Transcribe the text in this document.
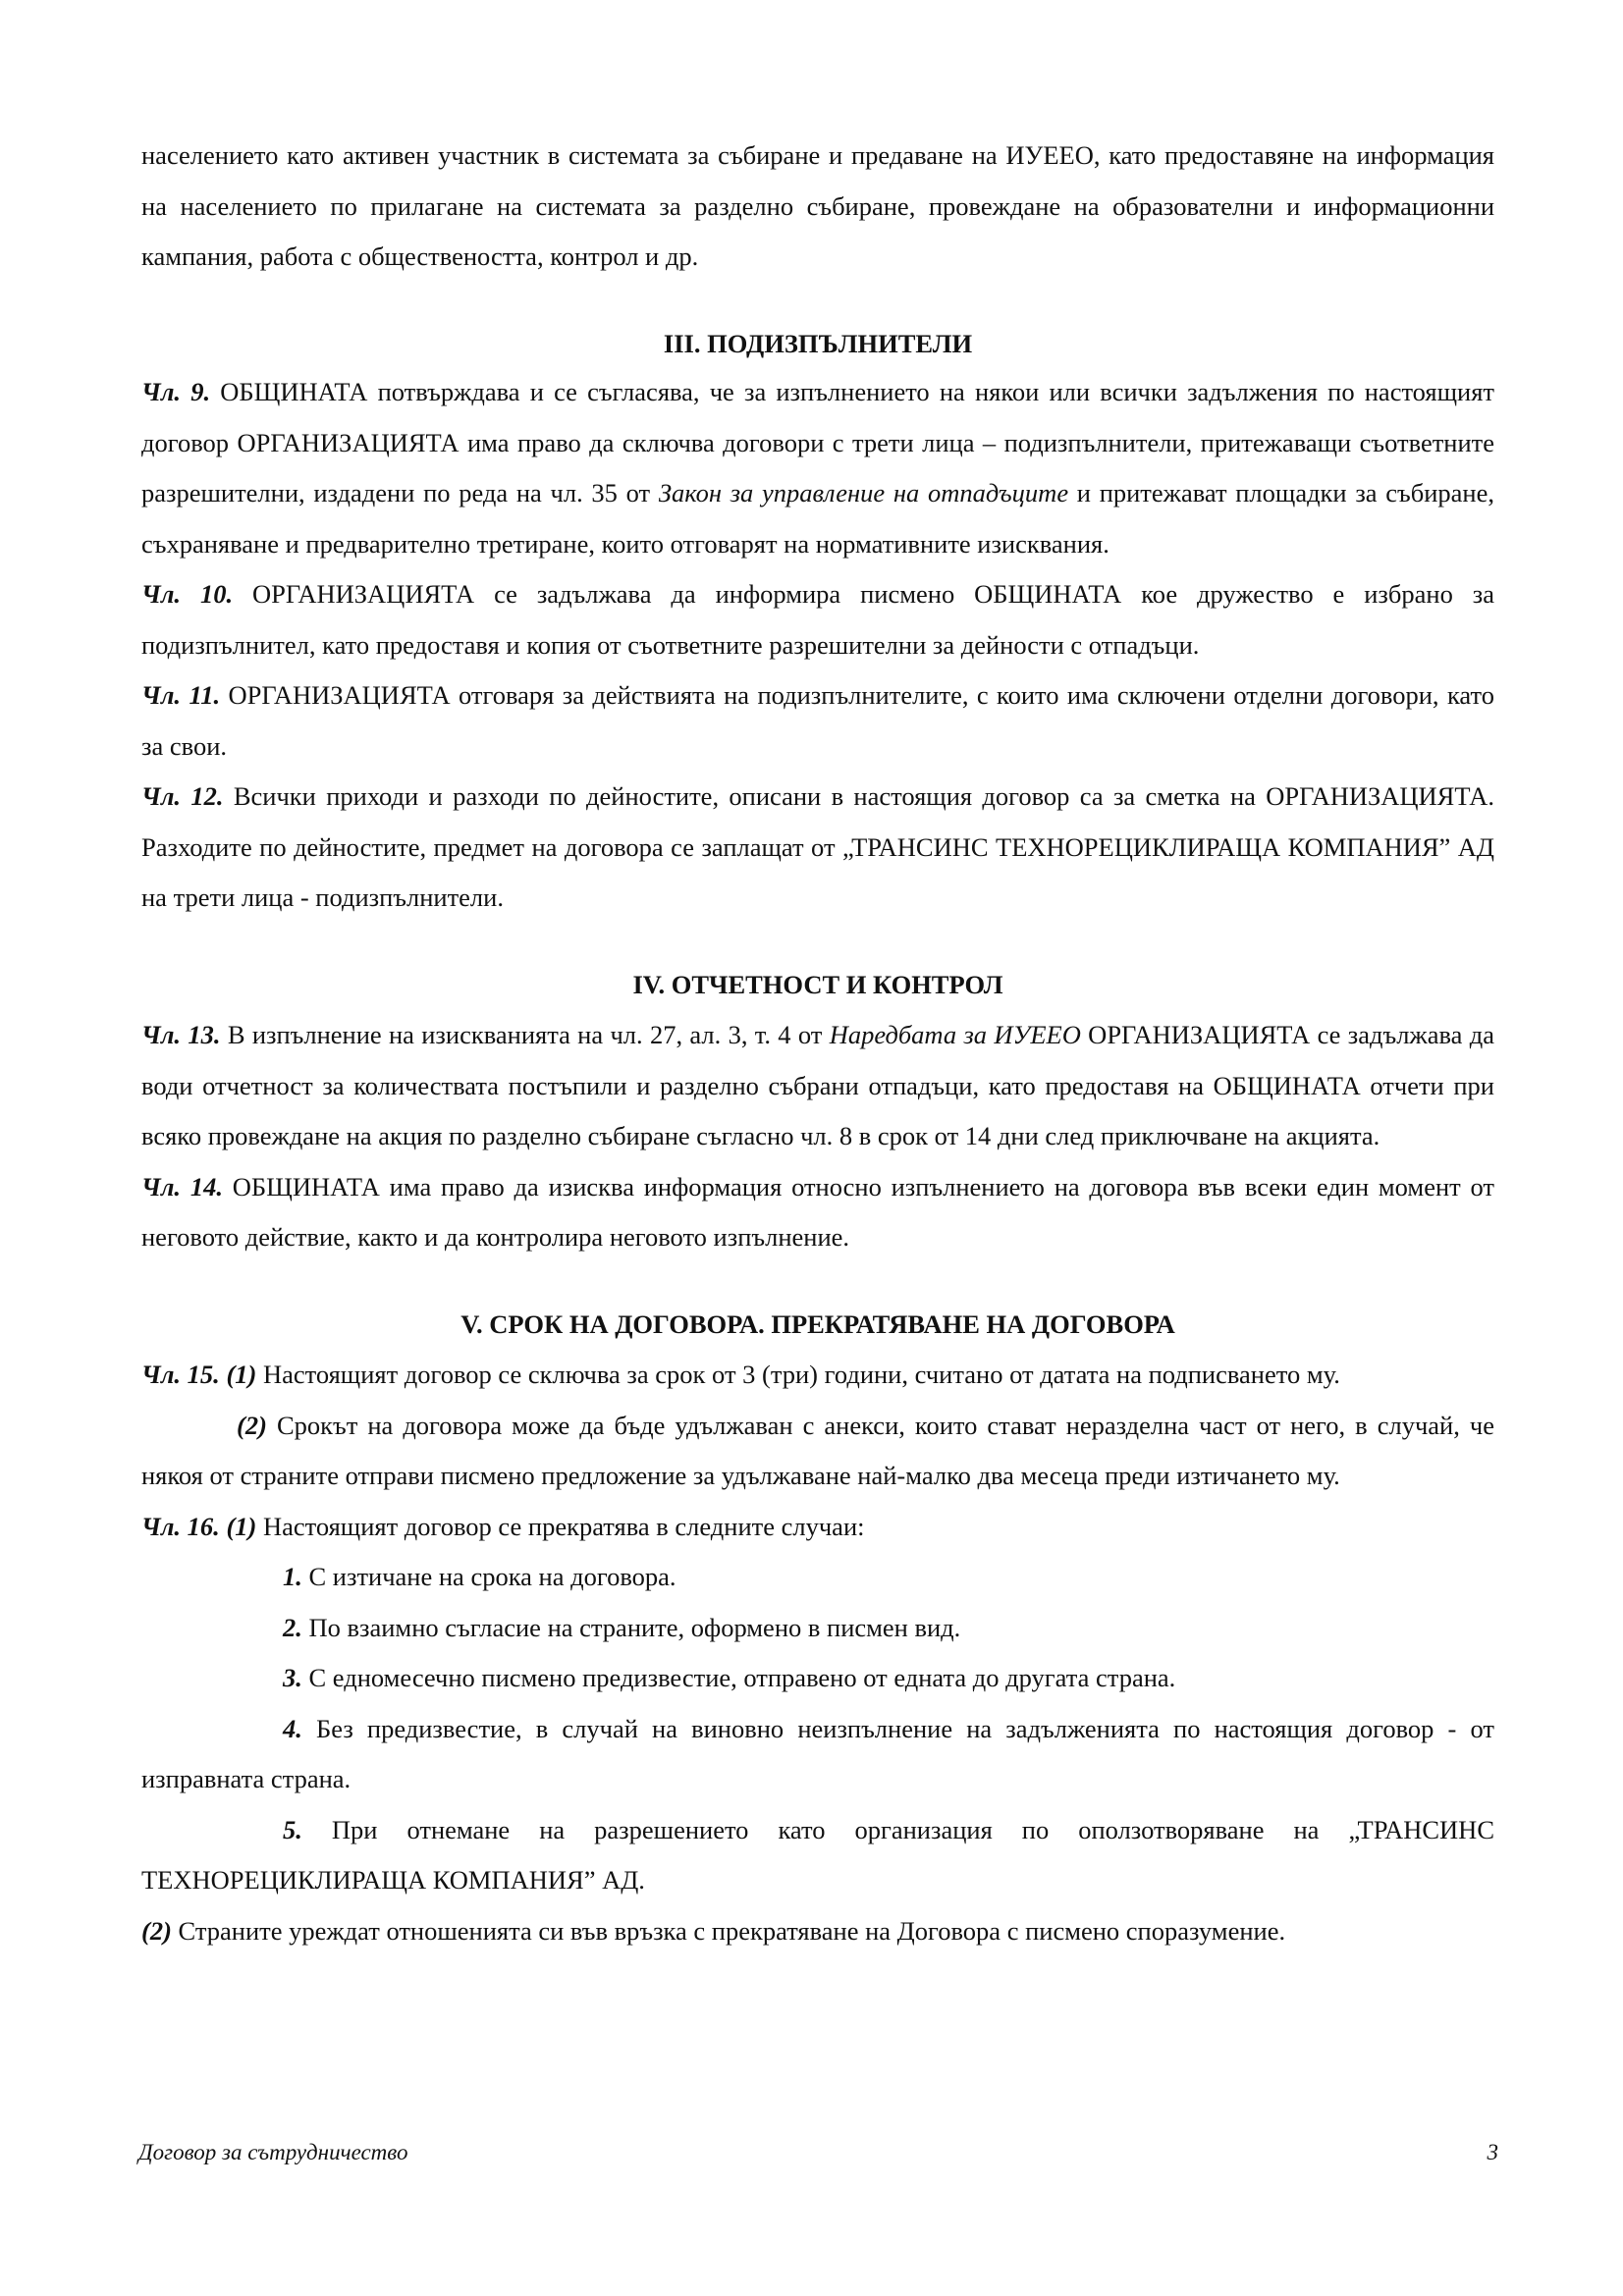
населението като активен участник в системата за събиране и предаване на ИУЕЕО, като предоставяне на информация на населението по прилагане на системата за разделно събиране, провеждане на образователни и информационни кампания, работа с обществеността, контрол и др.

III. ПОДИЗПЪЛНИТЕЛИ

Чл. 9. ОБЩИНАТА потвърждава и се съгласява, че за изпълнението на някои или всички задължения по настоящият договор ОРГАНИЗАЦИЯТА има право да сключва договори с трети лица – подизпълнители, притежаващи съответните разрешителни, издадени по реда на чл. 35 от Закон за управление на отпадъците и притежават площадки за събиране, съхраняване и предварително третиране, които отговарят на нормативните изисквания.

Чл. 10. ОРГАНИЗАЦИЯТА се задължава да информира писмено ОБЩИНАТА кое дружество е избрано за подизпълнител, като предоставя и копия от съответните разрешителни за дейности с отпадъци.

Чл. 11. ОРГАНИЗАЦИЯТА отговаря за действията на подизпълнителите, с които има сключени отделни договори, като за свои.

Чл. 12. Всички приходи и разходи по дейностите, описани в настоящия договор са за сметка на ОРГАНИЗАЦИЯТА. Разходите по дейностите, предмет на договора се заплащат от „ТРАНСИНС ТЕХНОРЕЦИКЛИРАЩА КОМПАНИЯ” АД на трети лица - подизпълнители.

IV. ОТЧЕТНОСТ И КОНТРОЛ

Чл. 13. В изпълнение на изискванията на чл. 27, ал. 3, т. 4 от Наредбата за ИУЕЕО ОРГАНИЗАЦИЯТА се задължава да води отчетност за количествата постъпили и разделно събрани отпадъци, като предоставя на ОБЩИНАТА отчети при всяко провеждане на акция по разделно събиране съгласно чл. 8 в срок от 14 дни след приключване на акцията.

Чл. 14. ОБЩИНАТА има право да изисква информация относно изпълнението на договора във всеки един момент от неговото действие, както и да контролира неговото изпълнение.

V. СРОК НА ДОГОВОРА. ПРЕКРАТЯВАНЕ НА ДОГОВОРА

Чл. 15. (1) Настоящият договор се сключва за срок от 3 (три) години, считано от датата на подписването му.

(2) Срокът на договора може да бъде удължаван с анекси, които стават неразделна част от него, в случай, че някоя от страните отправи писмено предложение за удължаване най-малко два месеца преди изтичането му.

Чл. 16. (1) Настоящият договор се прекратява в следните случаи:

1. С изтичане на срока на договора.

2. По взаимно съгласие на страните, оформено в писмен вид.

3. С едномесечно писмено предизвестие, отправено от едната до другата страна.

4. Без предизвестие, в случай на виновно неизпълнение на задълженията по настоящия договор - от изправната страна.

5. При отнемане на разрешението като организация по оползотворяване на „ТРАНСИНС ТЕХНОРЕЦИКЛИРАЩА КОМПАНИЯ” АД.

(2) Страните уреждат отношенията си във връзка с прекратяване на Договора с писмено споразумение.

Договор за сътрудничество	3
